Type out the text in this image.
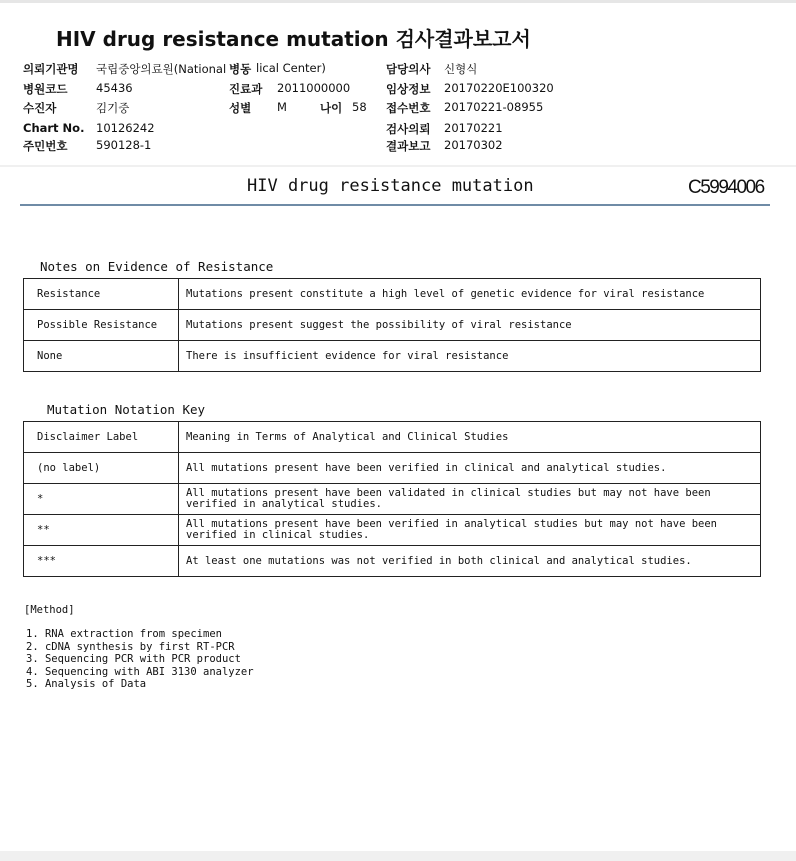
HIV drug resistance mutation 검사결과보고서
의뢰기관명 국립중앙의료원(National 병동 lical Center)	담당의사 신형식
병원코드 45436	진료과 2011000000	임상정보 20170220E100320
수진자	김기중	성별 M	나이 58 접수번호 20170221-08955
Chart No. 10126242	검사의뢰 20170221
주민번호 590128-1	결과보고 20170302
HIV drug resistance mutation	C5994006
Notes on Evidence of Resistance
Resistance	Mutations present constitute a high level of genetic evidence for viral resistance
Possible Resistance	Mutations present suggest the possibility of viral resistance
None	There is insufficient evidence for viral resistance
Mutation Notation Key
Disclaimer Label	Meaning in Terms of Analytical and Clinical Studies
(no label)	All mutations present have been verified in clinical and analytical studies.
*	All mutations present have been validated in clinical studies but may not have been verified in analytical studies.
**	All mutations present have been verified in analytical studies but may not have been verified in clinical studies.
***	At least one mutations was not verified in both clinical and analytical studies.
[Method]
1. RNA extraction from specimen
2. cDNA synthesis by first RT-PCR
3. Sequencing PCR with PCR product
4. Sequencing with ABI 3130 analyzer
5. Analysis of Data
